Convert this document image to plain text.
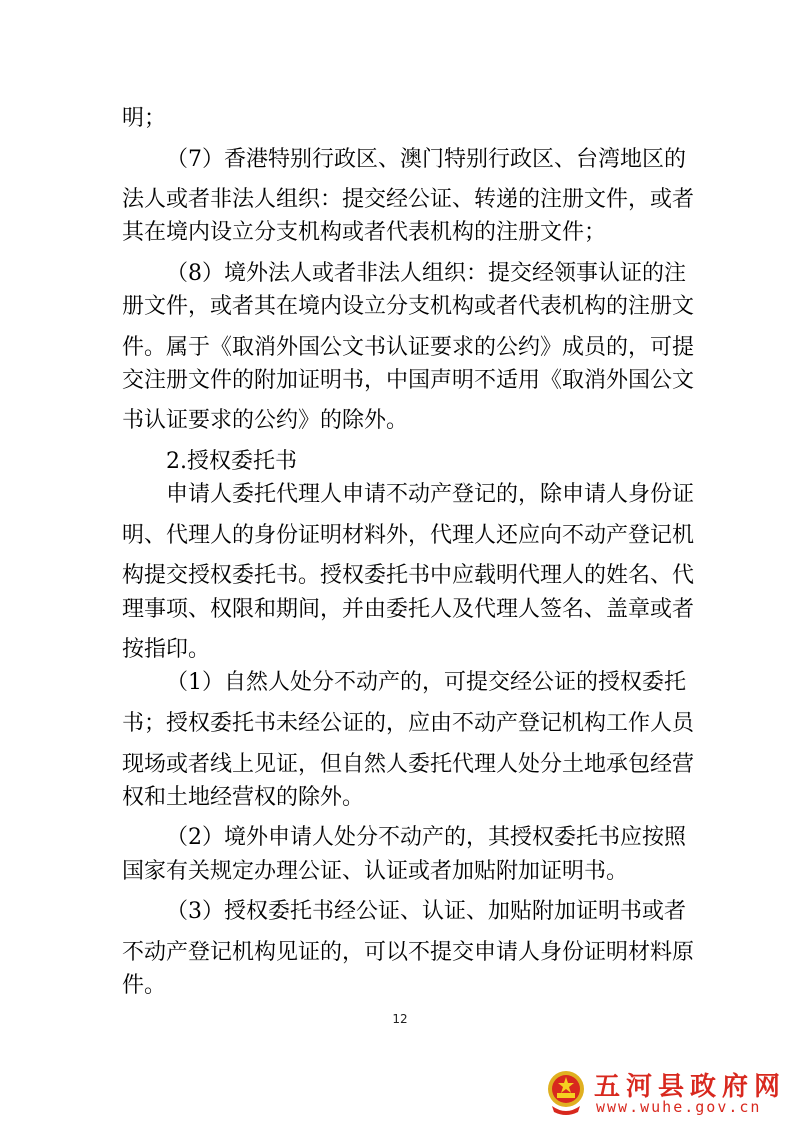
明；
（7）香港特别行政区、澳门特别行政区、台湾地区的
法人或者非法人组织：提交经公证、转递的注册文件，或者
其在境内设立分支机构或者代表机构的注册文件；
（8）境外法人或者非法人组织：提交经领事认证的注
册文件，或者其在境内设立分支机构或者代表机构的注册文
件。属于《取消外国公文书认证要求的公约》成员的，可提
交注册文件的附加证明书，中国声明不适用《取消外国公文
书认证要求的公约》的除外。
2.授权委托书
申请人委托代理人申请不动产登记的，除申请人身份证
明、代理人的身份证明材料外，代理人还应向不动产登记机
构提交授权委托书。授权委托书中应载明代理人的姓名、代
理事项、权限和期间，并由委托人及代理人签名、盖章或者
按指印。
（1）自然人处分不动产的，可提交经公证的授权委托
书；授权委托书未经公证的，应由不动产登记机构工作人员
现场或者线上见证，但自然人委托代理人处分土地承包经营
权和土地经营权的除外。
（2）境外申请人处分不动产的，其授权委托书应按照
国家有关规定办理公证、认证或者加贴附加证明书。
（3）授权委托书经公证、认证、加贴附加证明书或者
不动产登记机构见证的，可以不提交申请人身份证明材料原
件。
12
五河县政府网
www.wuhe.gov.cn
